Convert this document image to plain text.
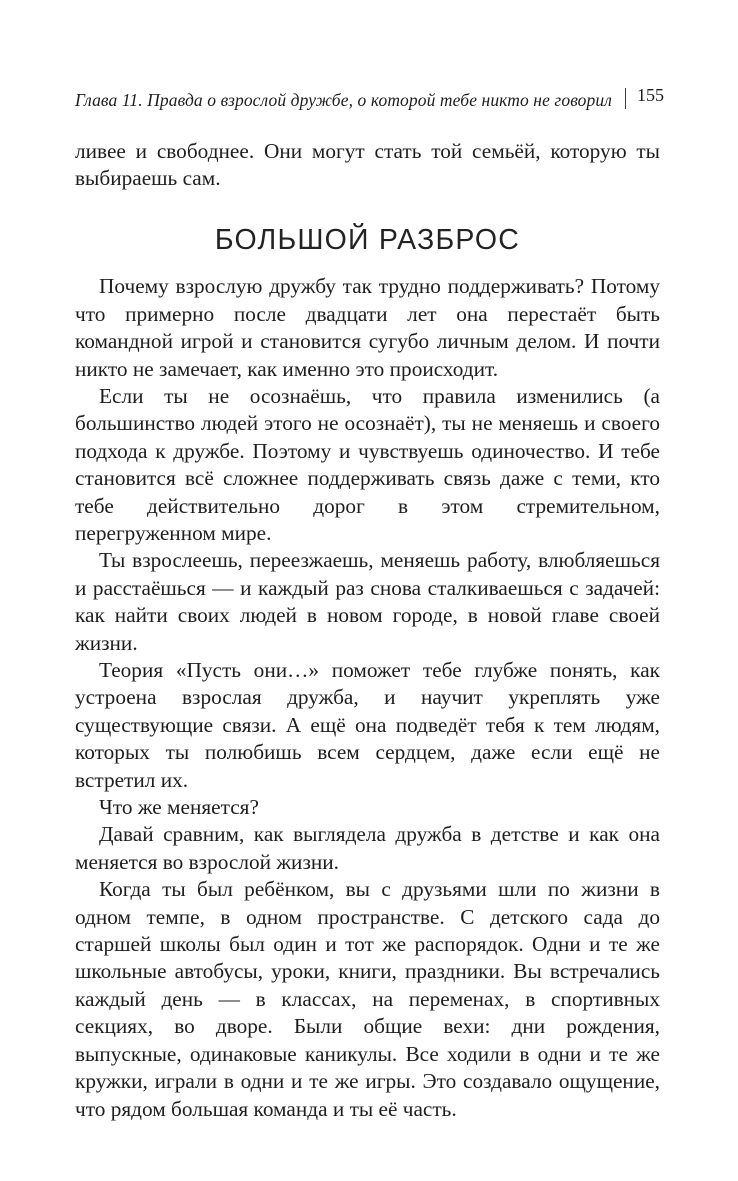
Глава 11. Правда о взрослой дружбе, о которой тебе никто не говорил 155

ливее и свободнее. Они могут стать той семьёй, которую ты выбираешь сам.

БОЛЬШОЙ РАЗБРОС

Почему взрослую дружбу так трудно поддерживать? Потому что примерно после двадцати лет она перестаёт быть командной игрой и становится сугубо личным делом. И почти никто не замечает, как именно это происходит.

Если ты не осознаёшь, что правила изменились (а большинство людей этого не осознаёт), ты не меняешь и своего подхода к дружбе. Поэтому и чувствуешь одиночество. И тебе становится всё сложнее поддерживать связь даже с теми, кто тебе действительно дорог в этом стремительном, перегруженном мире.

Ты взрослеешь, переезжаешь, меняешь работу, влюбляешься и расстаёшься — и каждый раз снова сталкиваешься с задачей: как найти своих людей в новом городе, в новой главе своей жизни.

Теория «Пусть они…» поможет тебе глубже понять, как устроена взрослая дружба, и научит укреплять уже существующие связи. А ещё она подведёт тебя к тем людям, которых ты полюбишь всем сердцем, даже если ещё не встретил их.

Что же меняется?

Давай сравним, как выглядела дружба в детстве и как она меняется во взрослой жизни.

Когда ты был ребёнком, вы с друзьями шли по жизни в одном темпе, в одном пространстве. С детского сада до старшей школы был один и тот же распорядок. Одни и те же школьные автобусы, уроки, книги, праздники. Вы встречались каждый день — в классах, на переменах, в спортивных секциях, во дворе. Были общие вехи: дни рождения, выпускные, одинаковые каникулы. Все ходили в одни и те же кружки, играли в одни и те же игры. Это создавало ощущение, что рядом большая команда и ты её часть.
